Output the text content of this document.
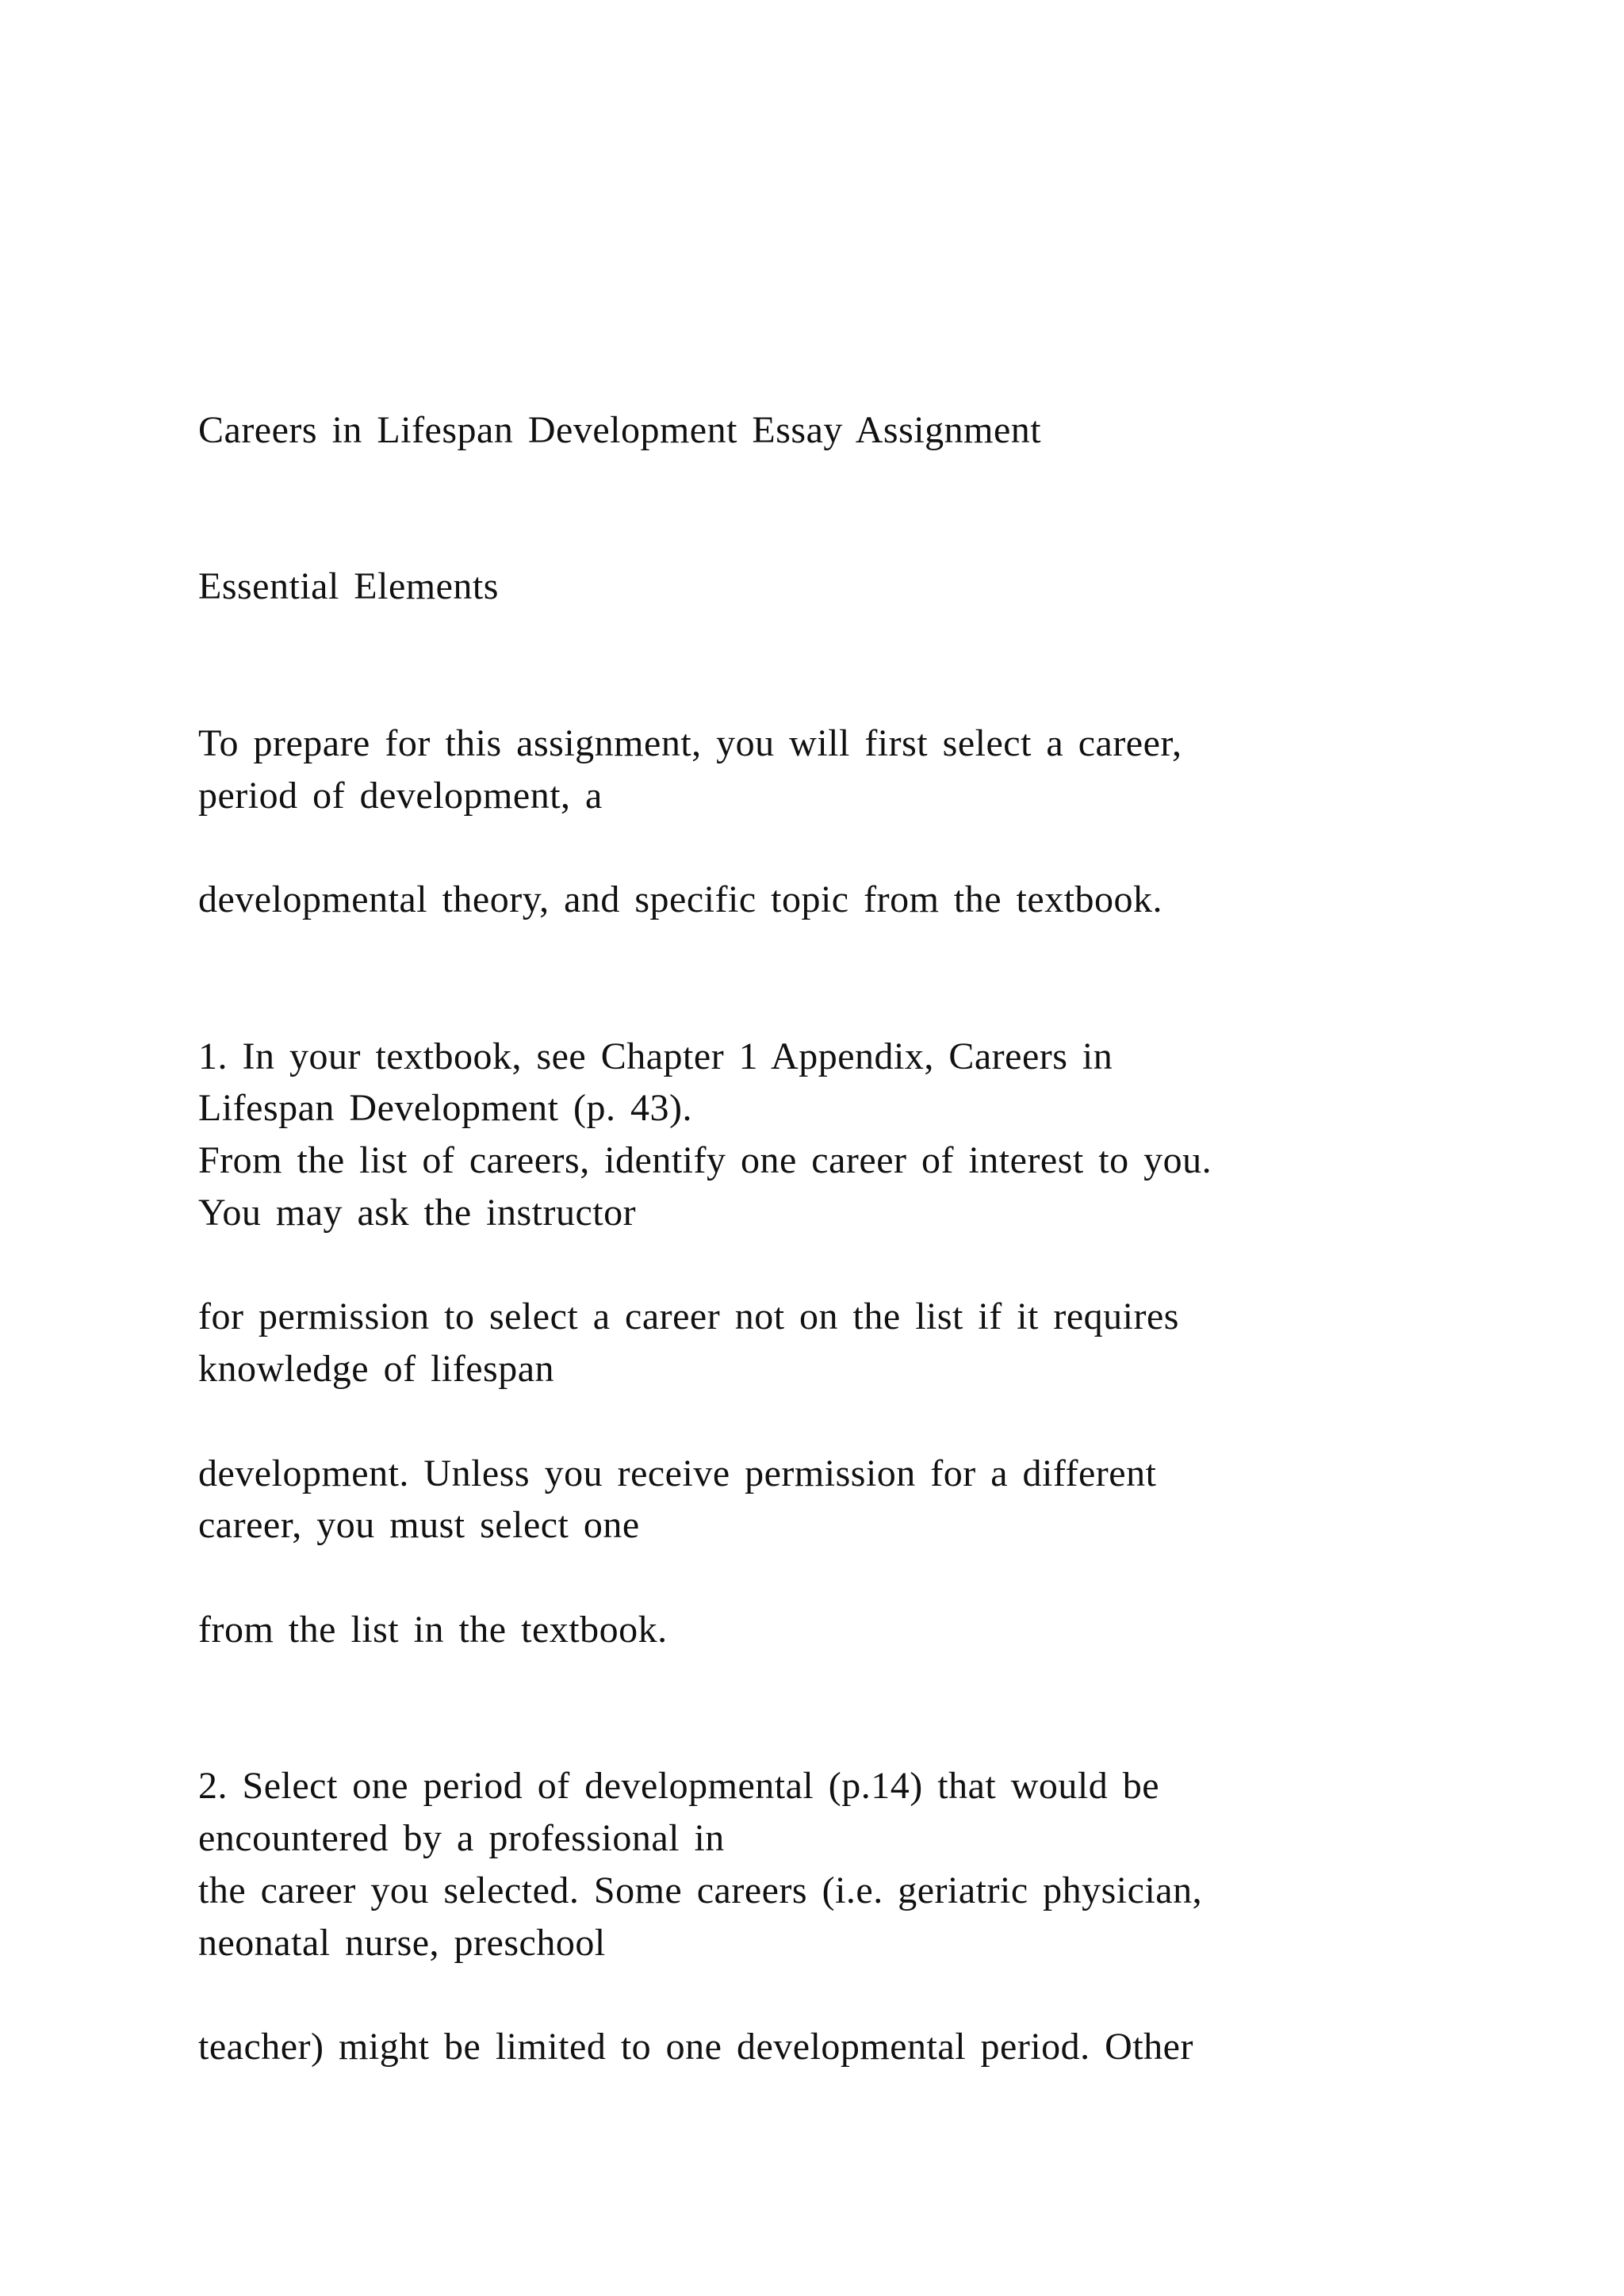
Careers in Lifespan Development Essay Assignment
Essential Elements
To prepare for this assignment, you will first select a career,
period of development, a
developmental theory, and specific topic from the textbook.
1. In your textbook, see Chapter 1 Appendix, Careers in
Lifespan Development (p. 43).
From the list of careers, identify one career of interest to you.
You may ask the instructor
for permission to select a career not on the list if it requires
knowledge of lifespan
development. Unless you receive permission for a different
career, you must select one
from the list in the textbook.
2. Select one period of developmental (p.14) that would be
encountered by a professional in
the career you selected. Some careers (i.e. geriatric physician,
neonatal nurse, preschool
teacher) might be limited to one developmental period. Other
